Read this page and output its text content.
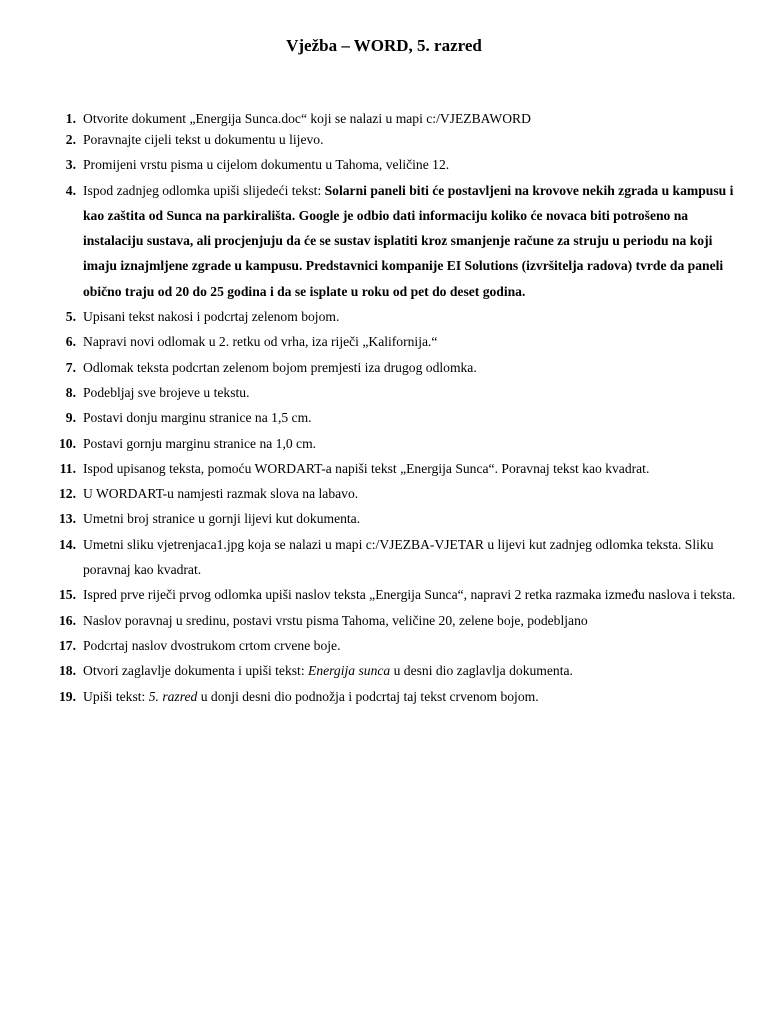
Vježba – WORD, 5. razred
1. Otvorite dokument „Energija Sunca.doc“ koji se nalazi u mapi c:/VJEZBAWORD
2. Poravnajte cijeli tekst u dokumentu u lijevo.
3. Promijeni vrstu pisma u cijelom dokumentu u Tahoma, veličine 12.
4. Ispod zadnjeg odlomka upiši slijedeći tekst: Solarni paneli biti će postavljeni na krovove nekih zgrada u kampusu i kao zaštita od Sunca na parkirališta. Google je odbio dati informaciju koliko će novaca biti potrošeno na instalaciju sustava, ali procjenjuju da će se sustav isplatiti kroz smanjenje račune za struju u periodu na koji imaju iznajmljene zgrade u kampusu. Predstavnici kompanije EI Solutions (izvršitelja radova) tvrde da paneli obično traju od 20 do 25 godina i da se isplate u roku od pet do deset godina.
5. Upisani tekst nakosi i podcrtaj zelenom bojom.
6. Napravi novi odlomak u 2. retku od vrha, iza riječi „Kalifornija.“
7. Odlomak teksta podcrtan zelenom bojom premjesti iza drugog odlomka.
8. Podebljaj sve brojeve u tekstu.
9. Postavi donju marginu stranice na 1,5 cm.
10. Postavi gornju marginu stranice na 1,0 cm.
11. Ispod upisanog teksta, pomoću WORDART-a napiši tekst „Energija Sunca“. Poravnaj tekst kao kvadrat.
12. U WORDART-u namjesti razmak slova na labavo.
13. Umetni broj stranice u gornji lijevi kut dokumenta.
14. Umetni sliku vjetrenjaca1.jpg koja se nalazi u mapi c:/VJEZBA-VJETAR u lijevi kut zadnjeg odlomka teksta. Sliku poravnaj kao kvadrat.
15. Ispred prve riječi prvog odlomka upiši naslov teksta „Energija Sunca“, napravi 2 retka razmaka između naslova i teksta.
16. Naslov poravnaj u sredinu, postavi vrstu pisma Tahoma, veličine 20, zelene boje, podebljano
17. Podcrtaj naslov dvostrukom crtom crvene boje.
18. Otvori zaglavlje dokumenta i upiši tekst: Energija sunca u desni dio zaglavlja dokumenta.
19. Upiši tekst: 5. razred u donji desni dio podnožja i podcrtaj taj tekst crvenom bojom.
